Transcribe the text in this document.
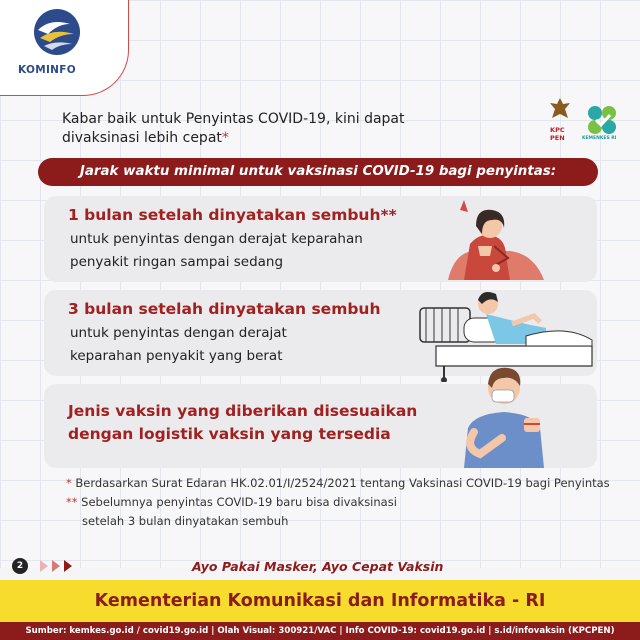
KOMINFO
Kabar baik untuk Penyintas COVID-19, kini dapat divaksinasi lebih cepat*	KPC
PEN	KEMENKES RI
Jarak waktu minimal untuk vaksinasi COVID-19 bagi penyintas:
1 bulan setelah dinyatakan sembuh**
untuk penyintas dengan derajat keparahan
penyakit ringan sampai sedang
3 bulan setelah dinyatakan sembuh
untuk penyintas dengan derajat
keparahan penyakit yang berat
Jenis vaksin yang diberikan disesuaikan
dengan logistik vaksin yang tersedia
* Berdasarkan Surat Edaran HK.02.01/I/2524/2021 tentang Vaksinasi COVID-19 bagi Penyintas
** Sebelumnya penyintas COVID-19 baru bisa divaksinasi
setelah 3 bulan dinyatakan sembuh
2	Ayo Pakai Masker, Ayo Cepat Vaksin
Kementerian Komunikasi dan Informatika - RI
Sumber: kemkes.go.id / covid19.go.id | Olah Visual: 300921/VAC | Info COVID-19: covid19.go.id | s.id/infovaksin (KPCPEN)
